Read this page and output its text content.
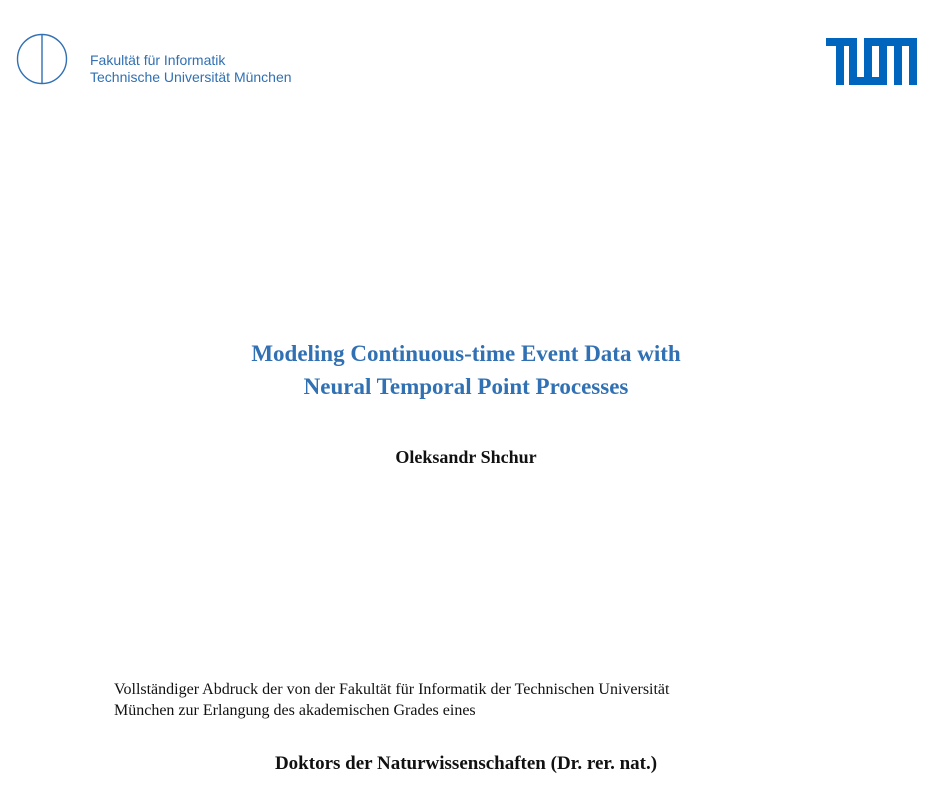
Fakultät für Informatik
Technische Universität München
Modeling Continuous-time Event Data with
Neural Temporal Point Processes
Oleksandr Shchur
Vollständiger Abdruck der von der Fakultät für Informatik der Technischen Universität
München zur Erlangung des akademischen Grades eines
Doktors der Naturwissenschaften (Dr. rer. nat.)
